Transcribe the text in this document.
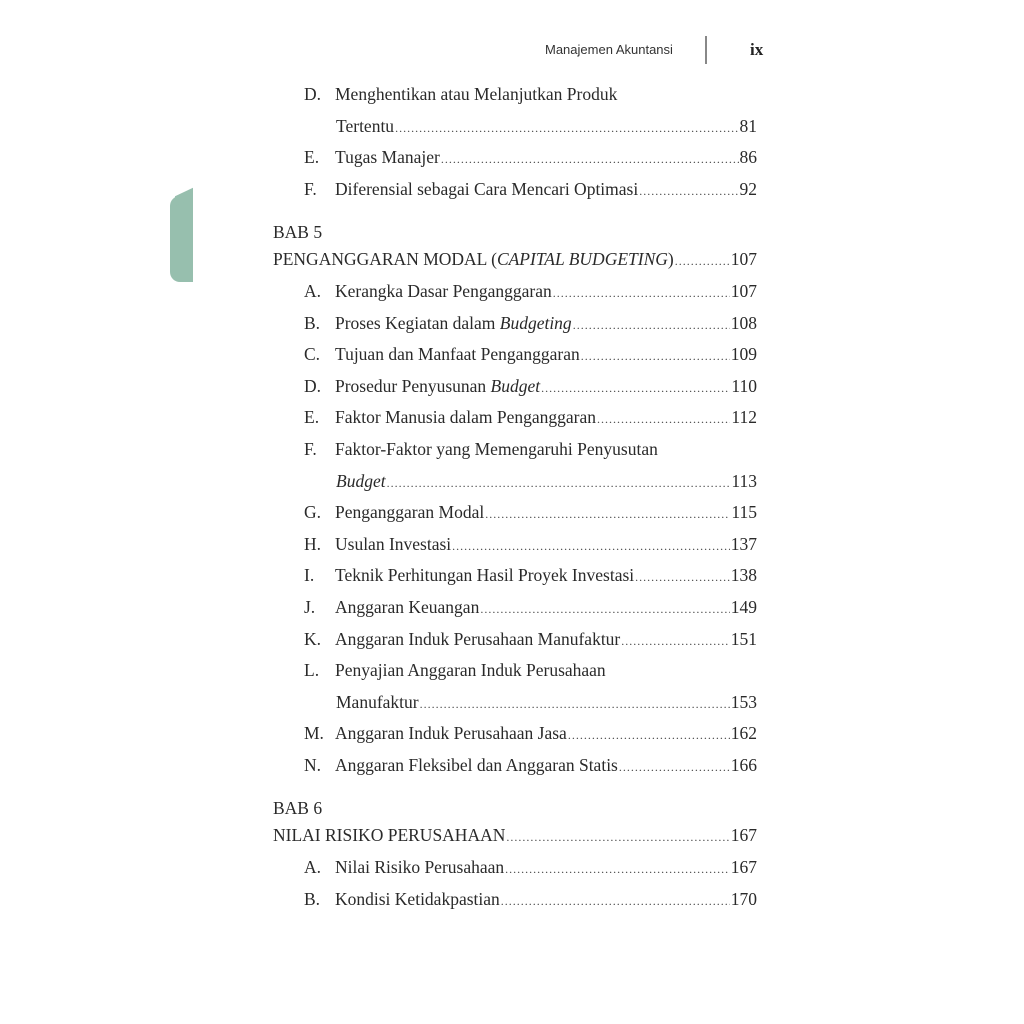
Manajemen Akuntansi	ix
D. Menghentikan atau Melanjutkan Produk
Tertentu .....	81
E. Tugas Manajer .....	86
F.	Diferensial sebagai Cara Mencari Optimasi .....	92
BAB 5
PENGANGGARAN MODAL (CAPITAL BUDGETING) .....	107
A. Kerangka Dasar Penganggaran .....	107
B. Proses Kegiatan dalam Budgeting .....	108
C. Tujuan dan Manfaat Penganggaran .....	109
D. Prosedur Penyusunan Budget .....	110
E. Faktor Manusia dalam Penganggaran .....	112
F.	Faktor-Faktor yang Memengaruhi Penyusutan
Budget .....	113
G. Penganggaran Modal .....	115
H. Usulan Investasi .....	137
I.	Teknik Perhitungan Hasil Proyek Investasi .....	138
J.	Anggaran Keuangan .....	149
K. Anggaran Induk Perusahaan Manufaktur .....	151
L. Penyajian Anggaran Induk Perusahaan
Manufaktur .....	153
M. Anggaran Induk Perusahaan Jasa .....	162
N. Anggaran Fleksibel dan Anggaran Statis .....	166
BAB 6
NILAI RISIKO PERUSAHAAN .....	167
A. Nilai Risiko Perusahaan .....	167
B. Kondisi Ketidakpastian .....	170
